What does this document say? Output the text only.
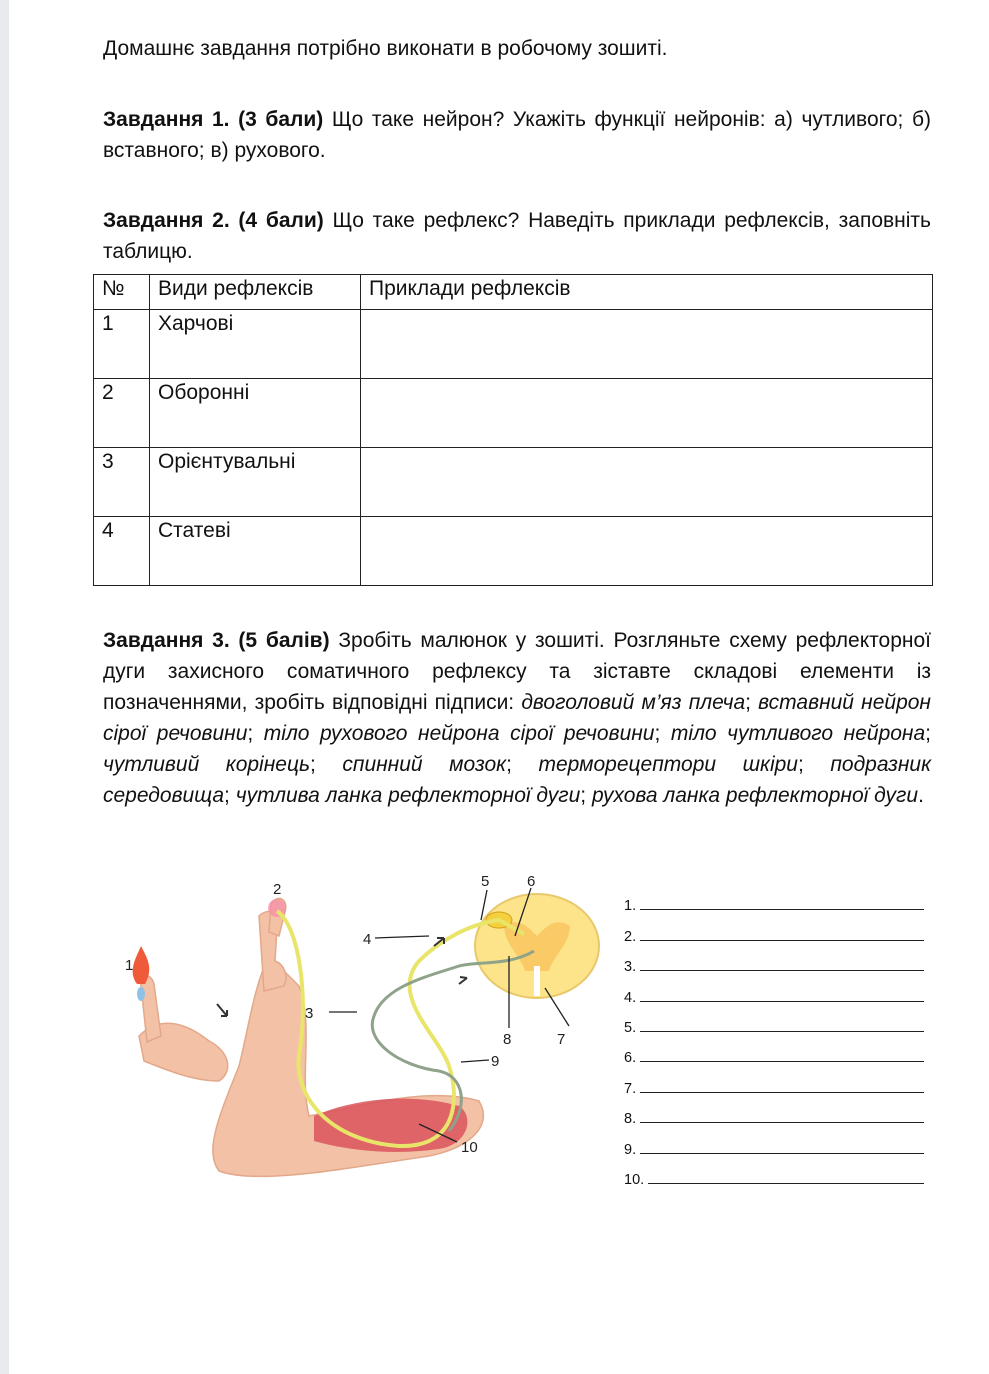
Домашнє завдання потрібно виконати в робочому зошиті.

Завдання 1. (3 бали) Що таке нейрон? Укажіть функції нейронів: а) чутливого; б) вставного; в) рухового.

Завдання 2. (4 бали) Що таке рефлекс? Наведіть приклади рефлексів, заповніть таблицю.

№	Види рефлексів	Приклади рефлексів
1	Харчові	
2	Оборонні	
3	Орієнтувальні	
4	Статеві	

Завдання 3. (5 балів) Зробіть малюнок у зошиті. Розгляньте схему рефлекторної дуги захисного соматичного рефлексу та зіставте складові елементи із позначеннями, зробіть відповідні підписи: двоголовий м’яз плеча; вставний нейрон сірої речовини; тіло рухового нейрона сірої речовини; тіло чутливого нейрона; чутливий корінець; спинний мозок; терморецептори шкіри; подразник середовища; чутлива ланка рефлекторної дуги; рухова ланка рефлекторної дуги.

1
2
3
4
5	6
7
8
9
10
1.
2.
3.
4.
5.
6.
7.
8.
9.
10.
